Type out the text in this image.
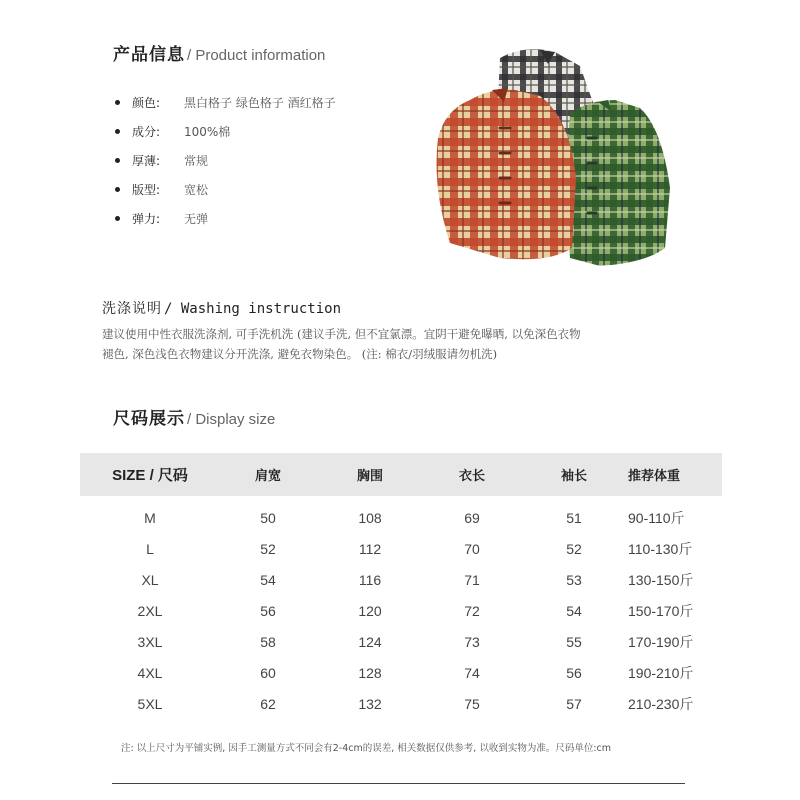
产品信息 / Product information
颜色:	黑白格子 绿色格子 酒红格子
成分:	100%棉
厚薄:	常规
版型:	宽松
弹力:	无弹
洗涤说明 / Washing instruction
建议使用中性衣服洗涤剂, 可手洗机洗 (建议手洗, 但不宜氯漂。宜阴干避免曝晒, 以免深色衣物
褪色, 深色浅色衣物建议分开洗涤, 避免衣物染色。 (注: 棉衣/羽绒服请勿机洗)
尺码展示 / Display size
SIZE / 尺码	肩宽	胸围	衣长	袖长	推荐体重
M	50	108	69	51	90-110斤
L	52	112	70	52	110-130斤
XL	54	116	71	53	130-150斤
2XL	56	120	72	54	150-170斤
3XL	58	124	73	55	170-190斤
4XL	60	128	74	56	190-210斤
5XL	62	132	75	57	210-230斤
注: 以上尺寸为平铺实例, 因手工测量方式不同会有2-4cm的误差, 相关数据仅供参考, 以收到实物为准。尺码单位:cm
